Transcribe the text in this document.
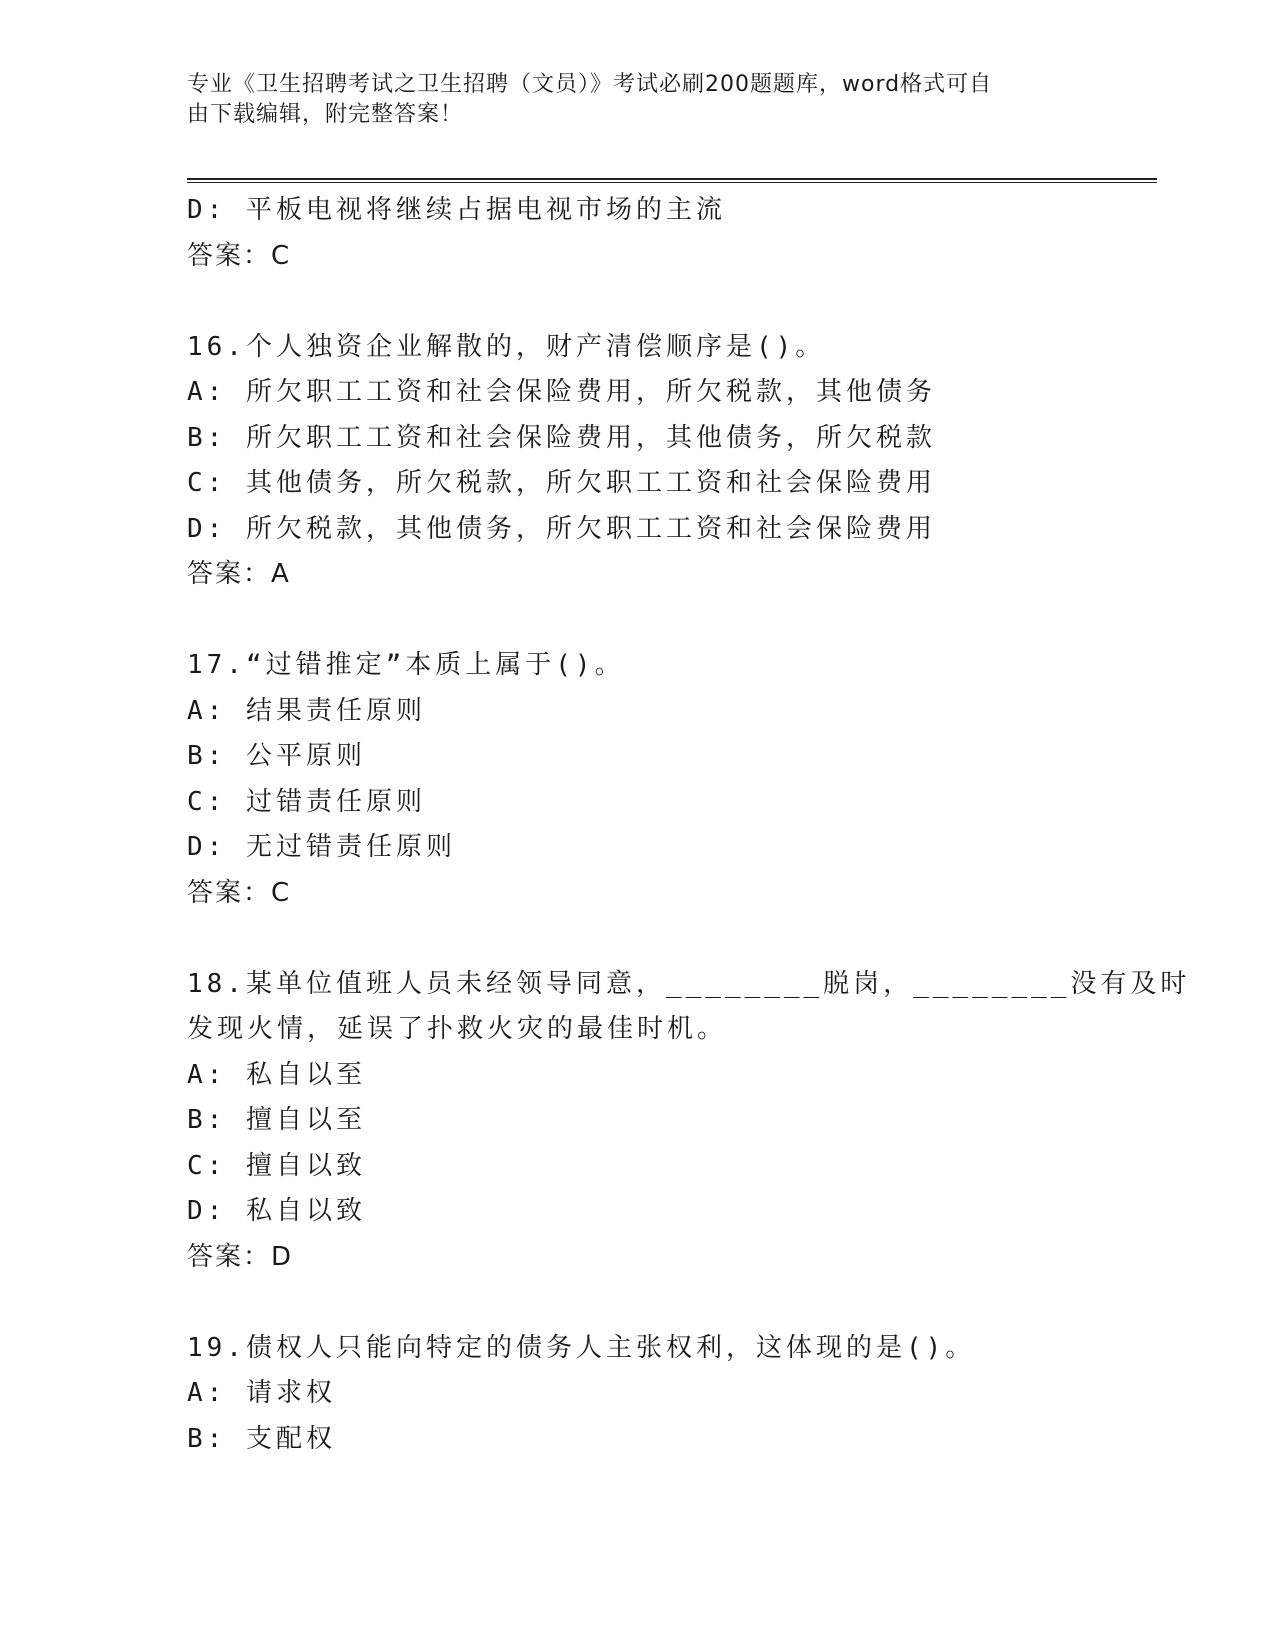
专业《卫生招聘考试之卫生招聘（文员）》考试必刷200题题库，word格式可自
由下载编辑，附完整答案！
D: 平板电视将继续占据电视市场的主流
答案：C
16.个人独资企业解散的，财产清偿顺序是()。
A: 所欠职工工资和社会保险费用，所欠税款，其他债务
B: 所欠职工工资和社会保险费用，其他债务，所欠税款
C: 其他债务，所欠税款，所欠职工工资和社会保险费用
D: 所欠税款，其他债务，所欠职工工资和社会保险费用
答案：A
17.“过错推定”本质上属于()。
A: 结果责任原则
B: 公平原则
C: 过错责任原则
D: 无过错责任原则
答案：C
18.某单位值班人员未经领导同意，________脱岗，________没有及时
发现火情，延误了扑救火灾的最佳时机。
A: 私自以至
B: 擅自以至
C: 擅自以致
D: 私自以致
答案：D
19.债权人只能向特定的债务人主张权利，这体现的是()。
A: 请求权
B: 支配权
